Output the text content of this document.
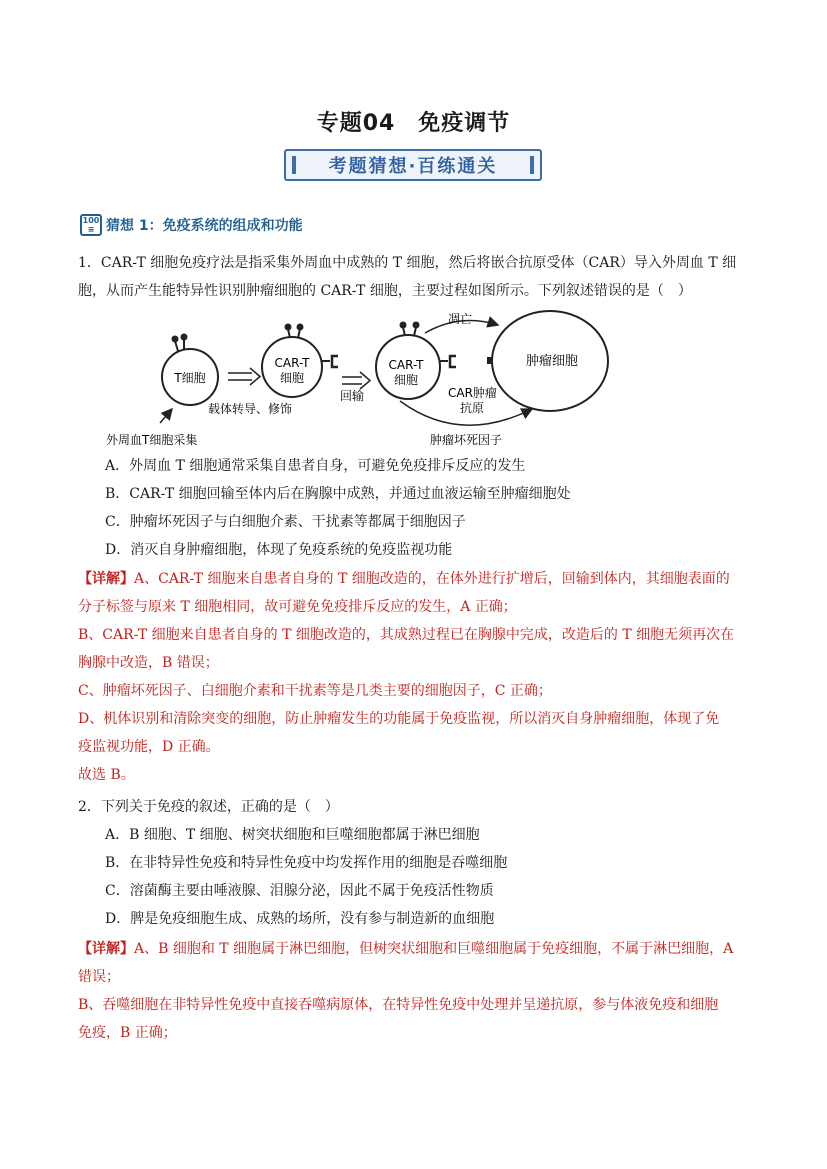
专题04　免疫调节
考题猜想·百练通关
100
≡ 猜想 1：免疫系统的组成和功能
1．CAR-T 细胞免疫疗法是指采集外周血中成熟的 T 细胞，然后将嵌合抗原受体（CAR）导入外周血 T 细
胞，从而产生能特异性识别肿瘤细胞的 CAR-T 细胞，主要过程如图所示。下列叙述错误的是（　）
T细胞
载体转导、修饰
CAR-T
细胞
回输
CAR-T
细胞
肿瘤细胞
凋亡
CAR肿瘤
抗原
肿瘤坏死因子
外周血T细胞采集
A．外周血 T 细胞通常采集自患者自身，可避免免疫排斥反应的发生
B．CAR-T 细胞回输至体内后在胸腺中成熟，并通过血液运输至肿瘤细胞处
C．肿瘤坏死因子与白细胞介素、干扰素等都属于细胞因子
D．消灭自身肿瘤细胞，体现了免疫系统的免疫监视功能
【详解】A、CAR-T 细胞来自患者自身的 T 细胞改造的，在体外进行扩增后，回输到体内，其细胞表面的
分子标签与原来 T 细胞相同，故可避免免疫排斥反应的发生，A 正确；
B、CAR-T 细胞来自患者自身的 T 细胞改造的，其成熟过程已在胸腺中完成，改造后的 T 细胞无须再次在
胸腺中改造，B 错误；
C、肿瘤坏死因子、白细胞介素和干扰素等是几类主要的细胞因子，C 正确；
D、机体识别和清除突变的细胞，防止肿瘤发生的功能属于免疫监视，所以消灭自身肿瘤细胞，体现了免
疫监视功能，D 正确。
故选 B。
2．下列关于免疫的叙述，正确的是（　）
A．B 细胞、T 细胞、树突状细胞和巨噬细胞都属于淋巴细胞
B．在非特异性免疫和特异性免疫中均发挥作用的细胞是吞噬细胞
C．溶菌酶主要由唾液腺、泪腺分泌，因此不属于免疫活性物质
D．脾是免疫细胞生成、成熟的场所，没有参与制造新的血细胞
【详解】A、B 细胞和 T 细胞属于淋巴细胞，但树突状细胞和巨噬细胞属于免疫细胞，不属于淋巴细胞，A
错误；
B、吞噬细胞在非特异性免疫中直接吞噬病原体，在特异性免疫中处理并呈递抗原，参与体液免疫和细胞
免疫，B 正确；
